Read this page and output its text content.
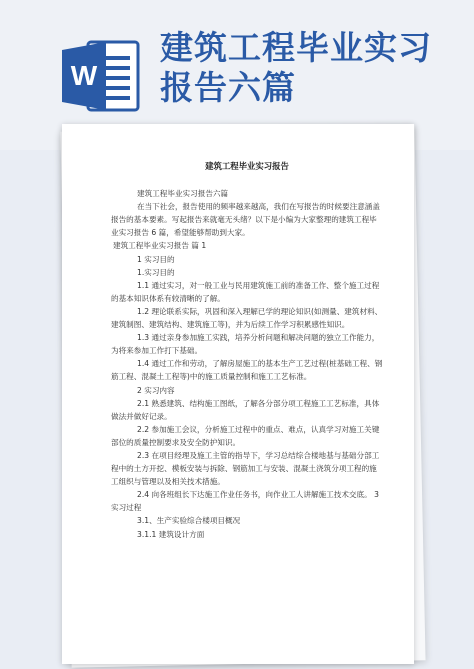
W
建筑工程毕业实习
报告六篇
建筑工程毕业实习报告

建筑工程毕业实习报告六篇

在当下社会，报告使用的频率越来越高，我们在写报告的时候要注意涵盖报告的基本要素。写起报告来就毫无头绪？以下是小编为大家整理的建筑工程毕业实习报告 6 篇，希望能够帮助到大家。

建筑工程毕业实习报告 篇 1

1 实习目的

1.实习目的

1.1 通过实习，对一般工业与民用建筑施工前的准备工作、整个施工过程的基本知识体系有较清晰的了解。

1.2 理论联系实际，巩固和深入理解已学的理论知识(如测量、建筑材料、建筑制图、建筑结构、建筑施工等)，并为后续工作学习积累感性知识。

1.3 通过亲身参加施工实践，培养分析问题和解决问题的独立工作能力，为将来参加工作打下基础。

1.4 通过工作和劳动，了解房屋施工的基本生产工艺过程(桩基础工程、钢筋工程、混凝土工程等)中的施工质量控制和施工工艺标准。

2 实习内容

2.1 熟悉建筑、结构施工图纸，了解各分部分项工程施工工艺标准，具体做法并做好记录。

2.2 参加施工会议，分析施工过程中的重点、难点，认真学习对施工关键部位的质量控制要求及安全防护知识。

2.3 在项目经理及施工主管的指导下，学习总结综合楼地基与基础分部工程中的土方开挖、模板安装与拆除、钢筋加工与安装、混凝土浇筑分项工程的施工组织与管理以及相关技术措施。

2.4 向各班组长下达施工作业任务书，向作业工人讲解施工技术交底。 3 实习过程

3.1、生产实验综合楼项目概况

3.1.1 建筑设计方面
